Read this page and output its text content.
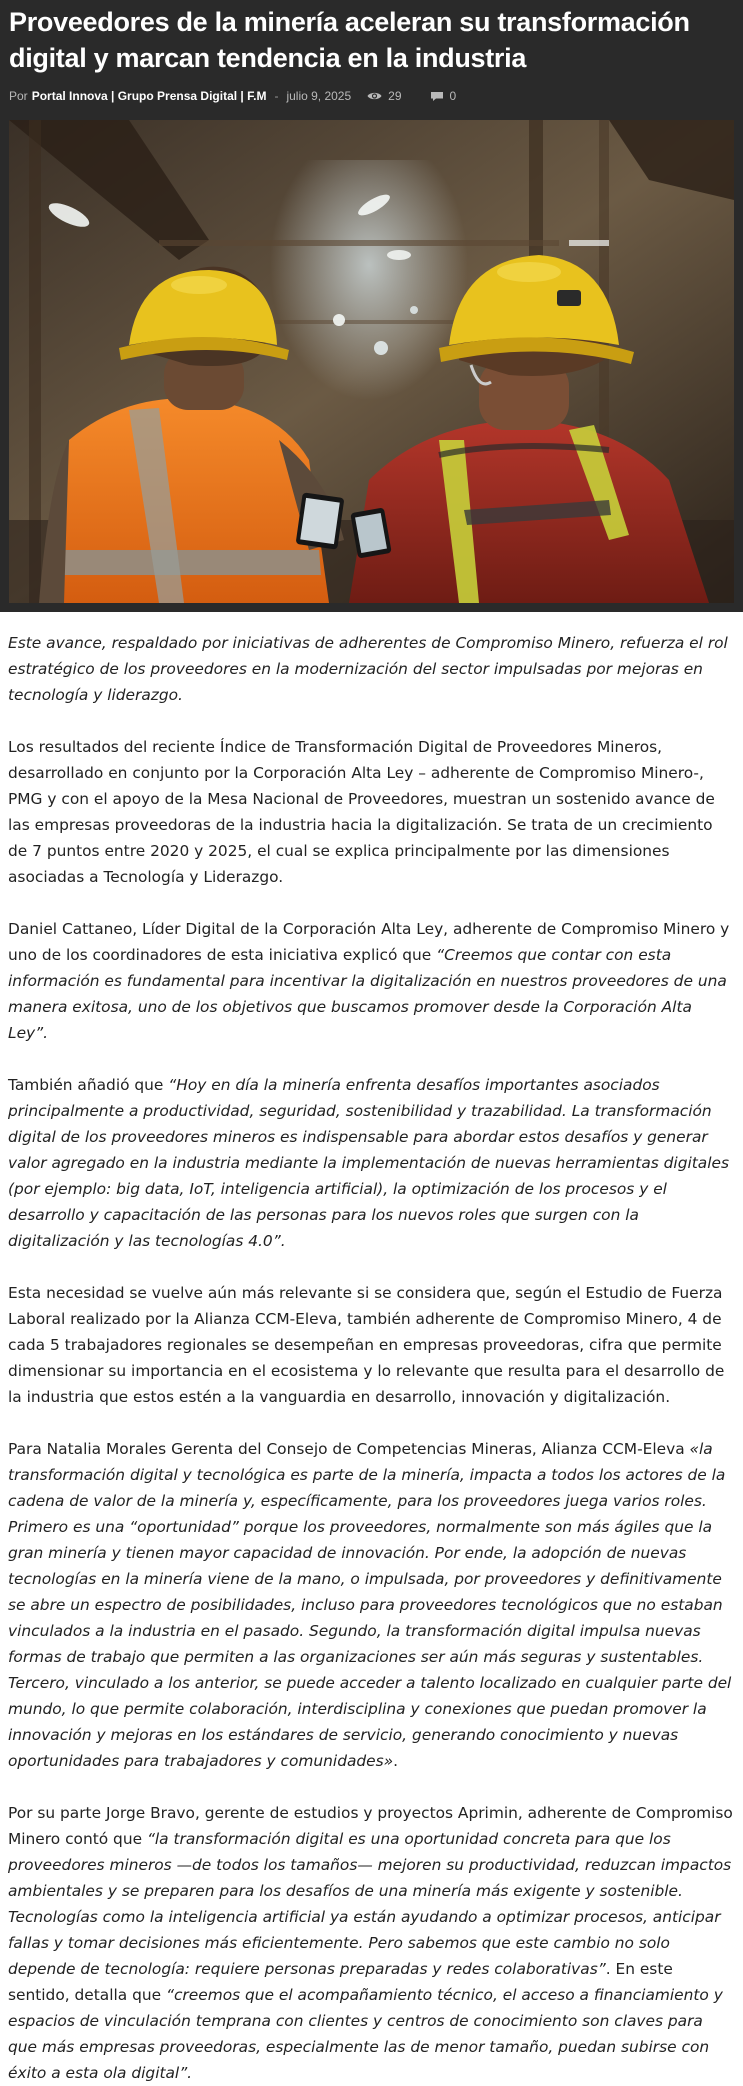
Proveedores de la minería aceleran su transformación digital y marcan tendencia en la industria
Por Portal Innova | Grupo Prensa Digital | F.M - julio 9, 2025	29	0

Este avance, respaldado por iniciativas de adherentes de Compromiso Minero, refuerza el rol estratégico de los proveedores en la modernización del sector impulsadas por mejoras en tecnología y liderazgo.

Los resultados del reciente Índice de Transformación Digital de Proveedores Mineros, desarrollado en conjunto por la Corporación Alta Ley – adherente de Compromiso Minero-, PMG y con el apoyo de la Mesa Nacional de Proveedores, muestran un sostenido avance de las empresas proveedoras de la industria hacia la digitalización. Se trata de un crecimiento de 7 puntos entre 2020 y 2025, el cual se explica principalmente por las dimensiones asociadas a Tecnología y Liderazgo.

Daniel Cattaneo, Líder Digital de la Corporación Alta Ley, adherente de Compromiso Minero y uno de los coordinadores de esta iniciativa explicó que “Creemos que contar con esta información es fundamental para incentivar la digitalización en nuestros proveedores de una manera exitosa, uno de los objetivos que buscamos promover desde la Corporación Alta Ley”.

También añadió que “Hoy en día la minería enfrenta desafíos importantes asociados principalmente a productividad, seguridad, sostenibilidad y trazabilidad. La transformación digital de los proveedores mineros es indispensable para abordar estos desafíos y generar valor agregado en la industria mediante la implementación de nuevas herramientas digitales (por ejemplo: big data, IoT, inteligencia artificial), la optimización de los procesos y el desarrollo y capacitación de las personas para los nuevos roles que surgen con la digitalización y las tecnologías 4.0”.

Esta necesidad se vuelve aún más relevante si se considera que, según el Estudio de Fuerza Laboral realizado por la Alianza CCM-Eleva, también adherente de Compromiso Minero, 4 de cada 5 trabajadores regionales se desempeñan en empresas proveedoras, cifra que permite dimensionar su importancia en el ecosistema y lo relevante que resulta para el desarrollo de la industria que estos estén a la vanguardia en desarrollo, innovación y digitalización.

Para Natalia Morales Gerenta del Consejo de Competencias Mineras, Alianza CCM-Eleva «la transformación digital y tecnológica es parte de la minería, impacta a todos los actores de la cadena de valor de la minería y, específicamente, para los proveedores juega varios roles. Primero es una “oportunidad” porque los proveedores, normalmente son más ágiles que la gran minería y tienen mayor capacidad de innovación. Por ende, la adopción de nuevas tecnologías en la minería viene de la mano, o impulsada, por proveedores y definitivamente se abre un espectro de posibilidades, incluso para proveedores tecnológicos que no estaban vinculados a la industria en el pasado. Segundo, la transformación digital impulsa nuevas formas de trabajo que permiten a las organizaciones ser aún más seguras y sustentables. Tercero, vinculado a los anterior, se puede acceder a talento localizado en cualquier parte del mundo, lo que permite colaboración, interdisciplina y conexiones que puedan promover la innovación y mejoras en los estándares de servicio, generando conocimiento y nuevas oportunidades para trabajadores y comunidades».

Por su parte Jorge Bravo, gerente de estudios y proyectos Aprimin, adherente de Compromiso Minero contó que “la transformación digital es una oportunidad concreta para que los proveedores mineros —de todos los tamaños— mejoren su productividad, reduzcan impactos ambientales y se preparen para los desafíos de una minería más exigente y sostenible. Tecnologías como la inteligencia artificial ya están ayudando a optimizar procesos, anticipar fallas y tomar decisiones más eficientemente. Pero sabemos que este cambio no solo depende de tecnología: requiere personas preparadas y redes colaborativas”. En este sentido, detalla que “creemos que el acompañamiento técnico, el acceso a financiamiento y espacios de vinculación temprana con clientes y centros de conocimiento son claves para que más empresas proveedoras, especialmente las de menor tamaño, puedan subirse con éxito a esta ola digital”.
